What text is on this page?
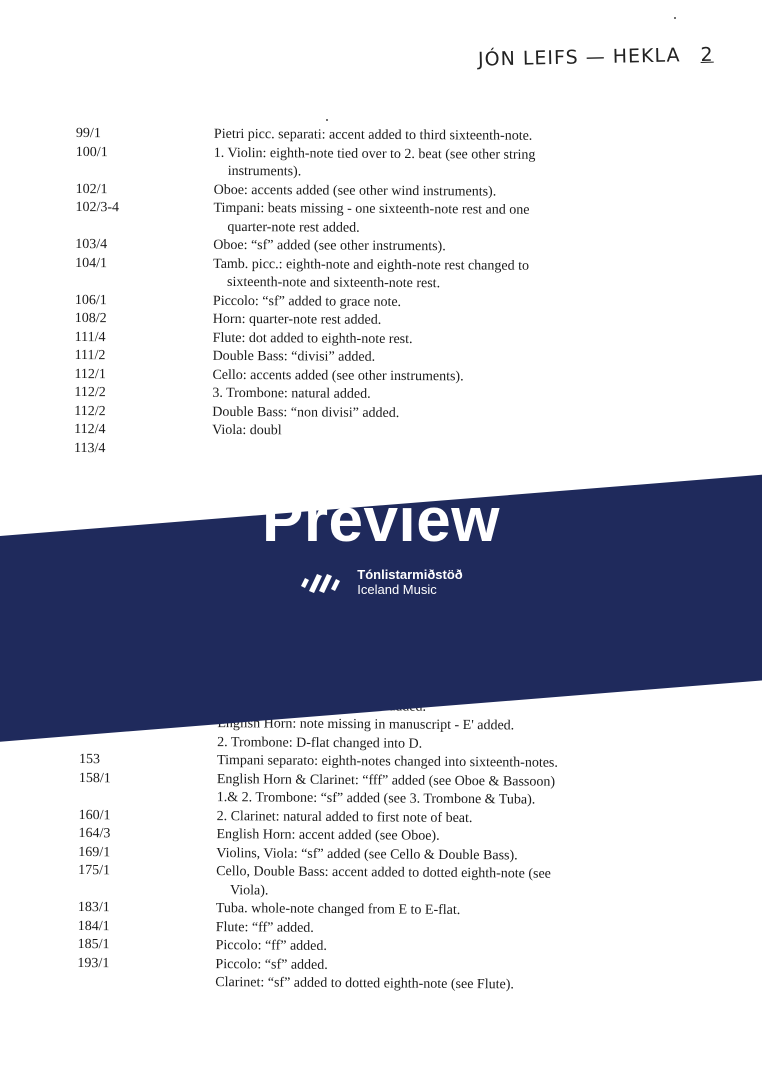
JÓN LEIFS — HEKLA 2
99/1	Pietri picc. separati: accent added to third sixteenth-note.
100/1	1. Violin: eighth-note tied over to 2. beat (see other string
instruments).
102/1	Oboe: accents added (see other wind instruments).
102/3-4	Timpani: beats missing - one sixteenth-note rest and one
quarter-note rest added.
103/4	Oboe: “sf” added (see other instruments).
104/1	Tamb. picc.: eighth-note and eighth-note rest changed to
sixteenth-note and sixteenth-note rest.
106/1	Piccolo: “sf” added to grace note.
108/2	Horn: quarter-note rest added.
111/4	Flute: dot added to eighth-note rest.
111/2	Double Bass: “divisi” added.
112/1	Cello: accents added (see other instruments).
112/2	3. Trombone: natural added.
112/2	Double Bass: “non divisi” added.
112/4	Viola: doubl
113/4
English Horn: note missing in manuscript - E' added.
2. Trombone: D-flat changed into D.
153	Timpani separato: eighth-notes changed into sixteenth-notes.
158/1	English Horn & Clarinet: “fff” added (see Oboe & Bassoon)
1.& 2. Trombone: “sf” added (see 3. Trombone & Tuba).
160/1	2. Clarinet: natural added to first note of beat.
164/3	English Horn: accent added (see Oboe).
169/1	Violins, Viola: “sf” added (see Cello & Double Bass).
175/1	Cello, Double Bass: accent added to dotted eighth-note (see
Viola).
183/1	Tuba. whole-note changed from E to E-flat.
184/1	Flute: “ff” added.
185/1	Piccolo: “ff” added.
193/1	Piccolo: “sf” added.
Clarinet: “sf” added to dotted eighth-note (see Flute).
Preview
Tónlistarmiðstöð
Iceland Music
